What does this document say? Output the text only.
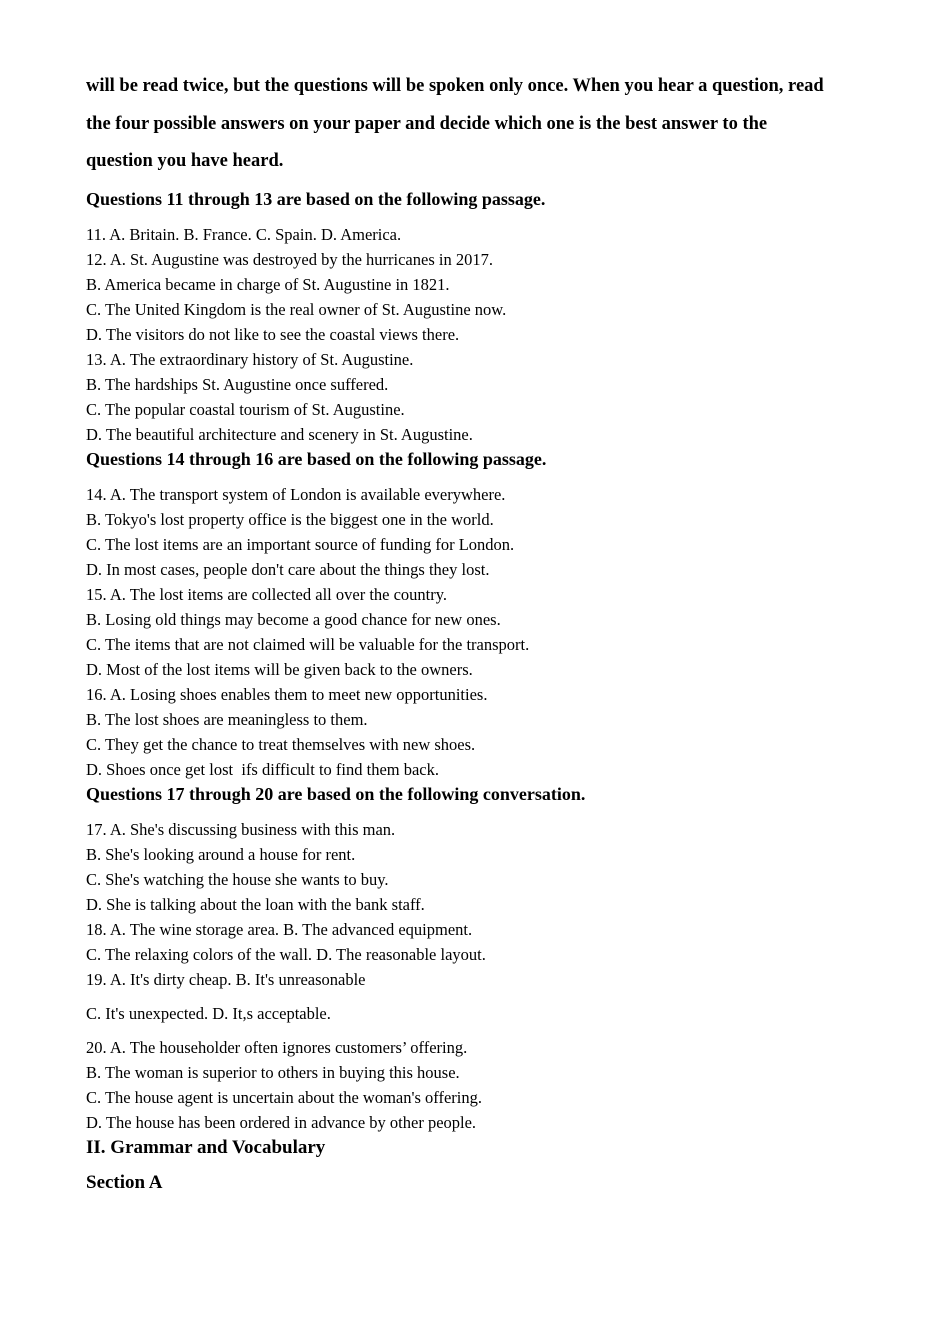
will be read twice, but the questions will be spoken only once. When you hear a question, read
the four possible answers on your paper and decide which one is the best answer to the
question you have heard.
Questions 11 through 13 are based on the following passage.
11. A. Britain. B. France. C. Spain. D. America.
12. A. St. Augustine was destroyed by the hurricanes in 2017.
B. America became in charge of St. Augustine in 1821.
C. The United Kingdom is the real owner of St. Augustine now.
D. The visitors do not like to see the coastal views there.
13. A. The extraordinary history of St. Augustine.
B. The hardships St. Augustine once suffered.
C. The popular coastal tourism of St. Augustine.
D. The beautiful architecture and scenery in St. Augustine.
Questions 14 through 16 are based on the following passage.
14. A. The transport system of London is available everywhere.
B. Tokyo's lost property office is the biggest one in the world.
C. The lost items are an important source of funding for London.
D. In most cases, people don't care about the things they lost.
15. A. The lost items are collected all over the country.
B. Losing old things may become a good chance for new ones.
C. The items that are not claimed will be valuable for the transport.
D. Most of the lost items will be given back to the owners.
16. A. Losing shoes enables them to meet new opportunities.
B. The lost shoes are meaningless to them.
C. They get the chance to treat themselves with new shoes.
D. Shoes once get lost  ifs difficult to find them back.
Questions 17 through 20 are based on the following conversation.
17. A. She's discussing business with this man.
B. She's looking around a house for rent.
C. She's watching the house she wants to buy.
D. She is talking about the loan with the bank staff.
18. A. The wine storage area. B. The advanced equipment.
C. The relaxing colors of the wall. D. The reasonable layout.
19. A. It's dirty cheap. B. It's unreasonable
C. It's unexpected. D. It,s acceptable.
20. A. The householder often ignores customers’ offering.
B. The woman is superior to others in buying this house.
C. The house agent is uncertain about the woman's offering.
D. The house has been ordered in advance by other people.
II. Grammar and Vocabulary
Section A
